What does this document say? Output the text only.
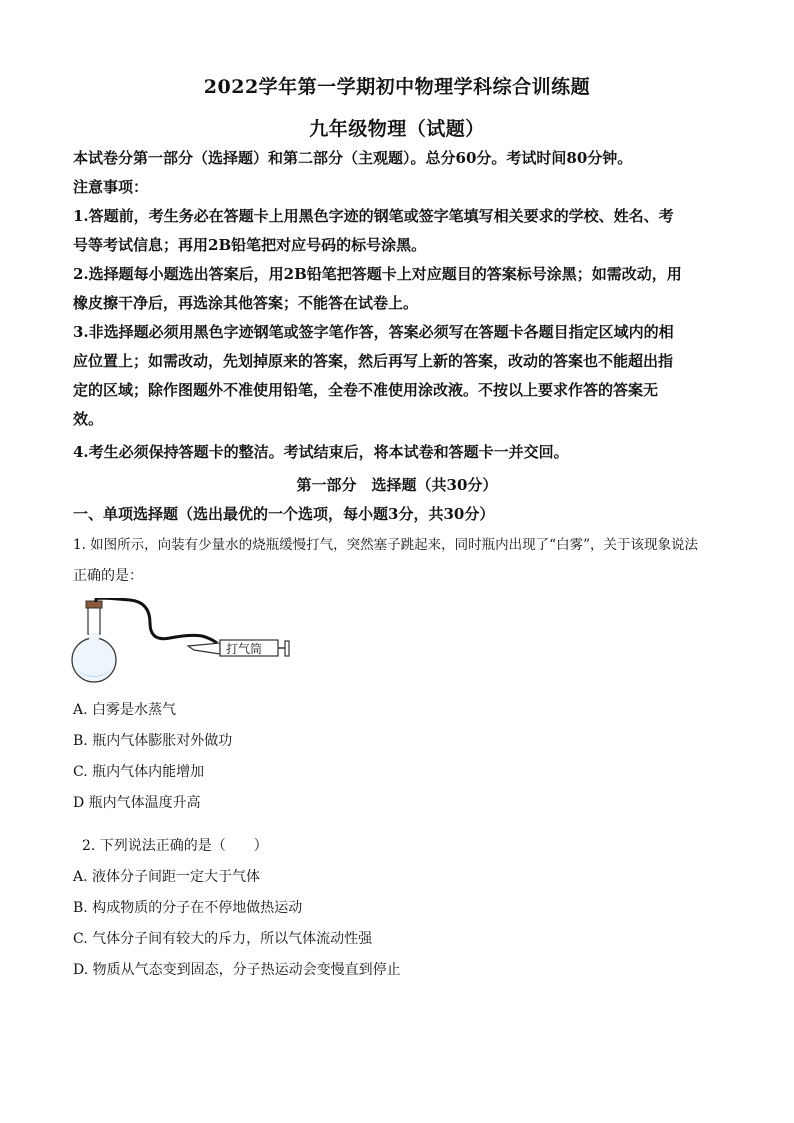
2022学年第一学期初中物理学科综合训练题
九年级物理（试题）
本试卷分第一部分（选择题）和第二部分（主观题）。总分60分。考试时间80分钟。
注意事项：
1.答题前，考生务必在答题卡上用黑色字迹的钢笔或签字笔填写相关要求的学校、姓名、考
号等考试信息；再用2B铅笔把对应号码的标号涂黑。
2.选择题每小题选出答案后，用2B铅笔把答题卡上对应题目的答案标号涂黑；如需改动，用
橡皮擦干净后，再选涂其他答案；不能答在试卷上。
3.非选择题必须用黑色字迹钢笔或签字笔作答，答案必须写在答题卡各题目指定区域内的相
应位置上；如需改动，先划掉原来的答案，然后再写上新的答案，改动的答案也不能超出指
定的区域；除作图题外不准使用铅笔，全卷不准使用涂改液。不按以上要求作答的答案无
效。
4.考生必须保持答题卡的整洁。考试结束后，将本试卷和答题卡一并交回。
第一部分　选择题（共30分）
一、单项选择题（选出最优的一个选项，每小题3分，共30分）
1. 如图所示，向装有少量水的烧瓶缓慢打气，突然塞子跳起来，同时瓶内出现了“白雾”，关于该现象说法
正确的是：
打气筒
A. 白雾是水蒸气
B. 瓶内气体膨胀对外做功
C. 瓶内气体内能增加
D 瓶内气体温度升高
2. 下列说法正确的是（　　）
A. 液体分子间距一定大于气体
B. 构成物质的分子在不停地做热运动
C. 气体分子间有较大的斥力，所以气体流动性强
D. 物质从气态变到固态，分子热运动会变慢直到停止
